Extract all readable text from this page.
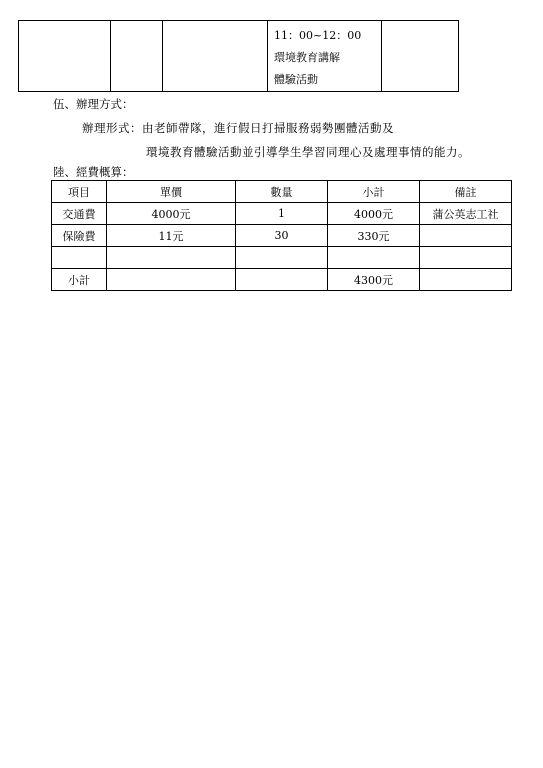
11：00~12：00
環境教育講解
體驗活動

伍、辦理方式：
辦理形式：由老師帶隊，進行假日打掃服務弱勢團體活動及
環境教育體驗活動並引導學生學習同理心及處理事情的能力。
陸、經費概算：
項目	單價	數量	小計	備註
交通費	4000元	1	4000元	蒲公英志工社
保險費	11元	30	330元	

小計			4300元	
